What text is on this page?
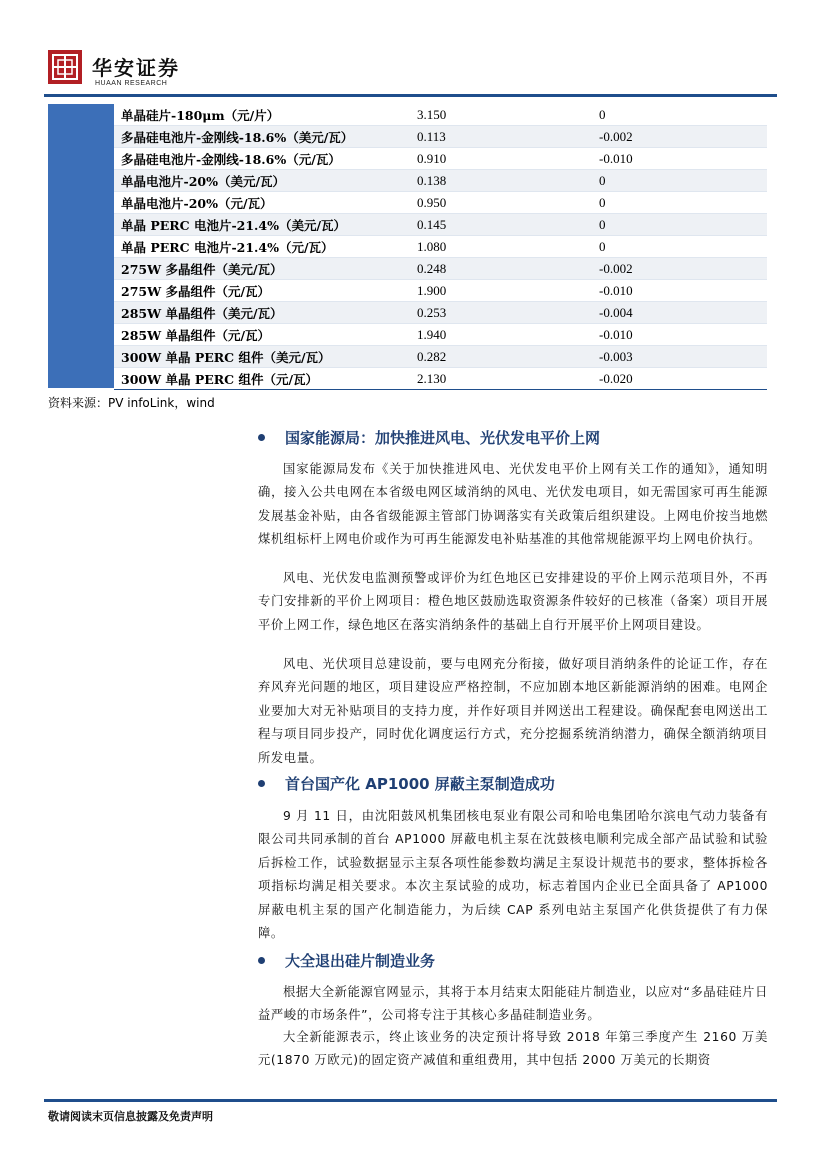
华安证券
HUAAN RESEARCH
单晶硅片-180μm（元/片）	3.150	0
多晶硅电池片-金刚线-18.6%（美元/瓦）	0.113	-0.002
多晶硅电池片-金刚线-18.6%（元/瓦）	0.910	-0.010
单晶电池片-20%（美元/瓦）	0.138	0
单晶电池片-20%（元/瓦）	0.950	0
单晶 PERC 电池片-21.4%（美元/瓦）	0.145	0
单晶 PERC 电池片-21.4%（元/瓦）	1.080	0
275W 多晶组件（美元/瓦）	0.248	-0.002
275W 多晶组件（元/瓦）	1.900	-0.010
285W 单晶组件（美元/瓦）	0.253	-0.004
285W 单晶组件（元/瓦）	1.940	-0.010
300W 单晶 PERC 组件（美元/瓦）	0.282	-0.003
300W 单晶 PERC 组件（元/瓦）	2.130	-0.020
资料来源：PV infoLink，wind
国家能源局：加快推进风电、光伏发电平价上网

国家能源局发布《关于加快推进风电、光伏发电平价上网有关工作的通知》，通知明确，接入公共电网在本省级电网区域消纳的风电、光伏发电项目，如无需国家可再生能源发展基金补贴，由各省级能源主管部门协调落实有关政策后组织建设。上网电价按当地燃煤机组标杆上网电价或作为可再生能源发电补贴基准的其他常规能源平均上网电价执行。

风电、光伏发电监测预警或评价为红色地区已安排建设的平价上网示范项目外，不再专门安排新的平价上网项目：橙色地区鼓励选取资源条件较好的已核准（备案）项目开展平价上网工作，绿色地区在落实消纳条件的基础上自行开展平价上网项目建设。

风电、光伏项目总建设前，要与电网充分衔接，做好项目消纳条件的论证工作，存在弃风弃光问题的地区，项目建设应严格控制，不应加剧本地区新能源消纳的困难。电网企业要加大对无补贴项目的支持力度，并作好项目并网送出工程建设。确保配套电网送出工程与项目同步投产，同时优化调度运行方式，充分挖掘系统消纳潜力，确保全额消纳项目所发电量。

首台国产化 AP1000 屏蔽主泵制造成功

9 月 11 日，由沈阳鼓风机集团核电泵业有限公司和哈电集团哈尔滨电气动力装备有限公司共同承制的首台 AP1000 屏蔽电机主泵在沈鼓核电顺利完成全部产品试验和试验后拆检工作，试验数据显示主泵各项性能参数均满足主泵设计规范书的要求，整体拆检各项指标均满足相关要求。本次主泵试验的成功，标志着国内企业已全面具备了 AP1000 屏蔽电机主泵的国产化制造能力，为后续 CAP 系列电站主泵国产化供货提供了有力保障。

大全退出硅片制造业务

根据大全新能源官网显示，其将于本月结束太阳能硅片制造业，以应对“多晶硅硅片日益严峻的市场条件”，公司将专注于其核心多晶硅制造业务。

大全新能源表示，终止该业务的决定预计将导致 2018 年第三季度产生 2160 万美元(1870 万欧元)的固定资产减值和重组费用，其中包括 2000 万美元的长期资

敬请阅读末页信息披露及免责声明
